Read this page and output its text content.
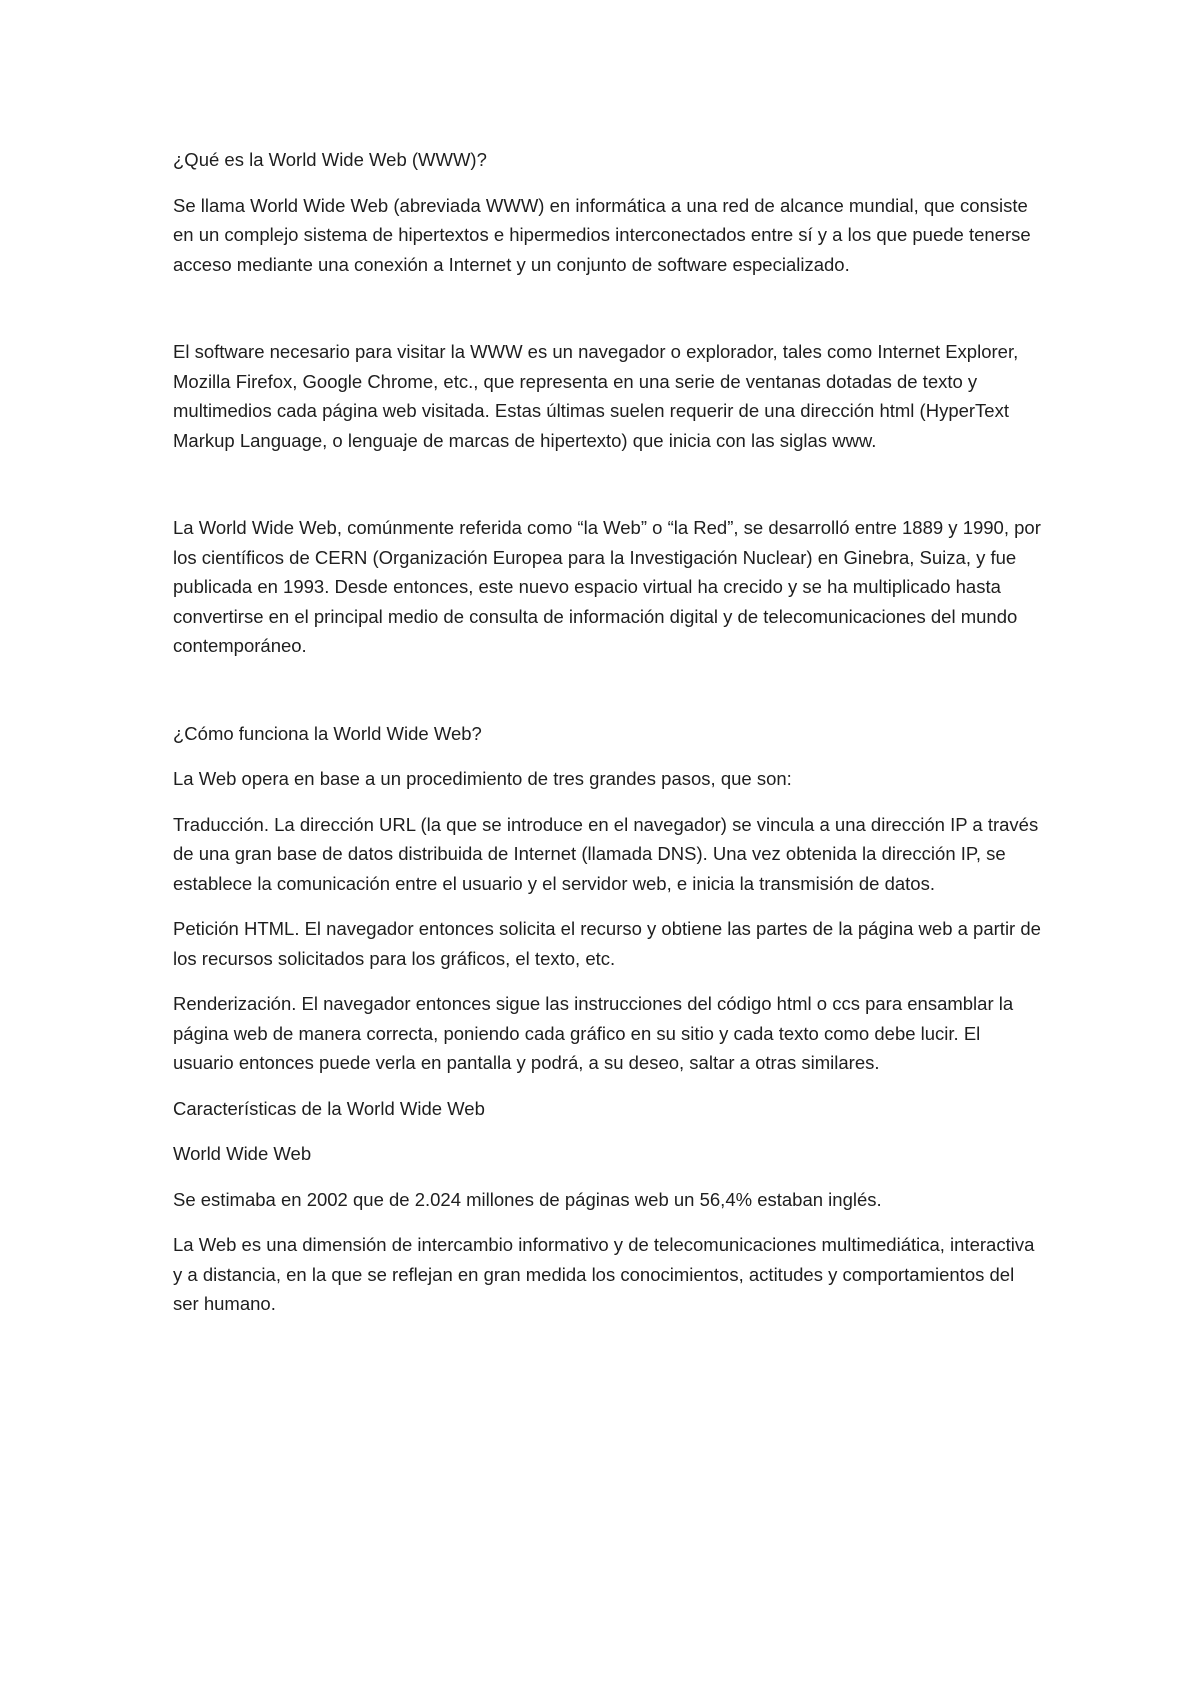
¿Qué es la World Wide Web (WWW)?

Se llama World Wide Web (abreviada WWW) en informática a una red de alcance mundial, que consiste en un complejo sistema de hipertextos e hipermedios interconectados entre sí y a los que puede tenerse acceso mediante una conexión a Internet y un conjunto de software especializado.

El software necesario para visitar la WWW es un navegador o explorador, tales como Internet Explorer, Mozilla Firefox, Google Chrome, etc., que representa en una serie de ventanas dotadas de texto y multimedios cada página web visitada. Estas últimas suelen requerir de una dirección html (HyperText Markup Language, o lenguaje de marcas de hipertexto) que inicia con las siglas www.

La World Wide Web, comúnmente referida como “la Web” o “la Red”, se desarrolló entre 1889 y 1990, por los científicos de CERN (Organización Europea para la Investigación Nuclear) en Ginebra, Suiza, y fue publicada en 1993. Desde entonces, este nuevo espacio virtual ha crecido y se ha multiplicado hasta convertirse en el principal medio de consulta de información digital y de telecomunicaciones del mundo contemporáneo.

¿Cómo funciona la World Wide Web?

La Web opera en base a un procedimiento de tres grandes pasos, que son:

Traducción. La dirección URL (la que se introduce en el navegador) se vincula a una dirección IP a través de una gran base de datos distribuida de Internet (llamada DNS). Una vez obtenida la dirección IP, se establece la comunicación entre el usuario y el servidor web, e inicia la transmisión de datos.

Petición HTML. El navegador entonces solicita el recurso y obtiene las partes de la página web a partir de los recursos solicitados para los gráficos, el texto, etc.

Renderización. El navegador entonces sigue las instrucciones del código html o ccs para ensamblar la página web de manera correcta, poniendo cada gráfico en su sitio y cada texto como debe lucir. El usuario entonces puede verla en pantalla y podrá, a su deseo, saltar a otras similares.

Características de la World Wide Web

World Wide Web

Se estimaba en 2002 que de 2.024 millones de páginas web un 56,4% estaban inglés.

La Web es una dimensión de intercambio informativo y de telecomunicaciones multimediática, interactiva y a distancia, en la que se reflejan en gran medida los conocimientos, actitudes y comportamientos del ser humano.
